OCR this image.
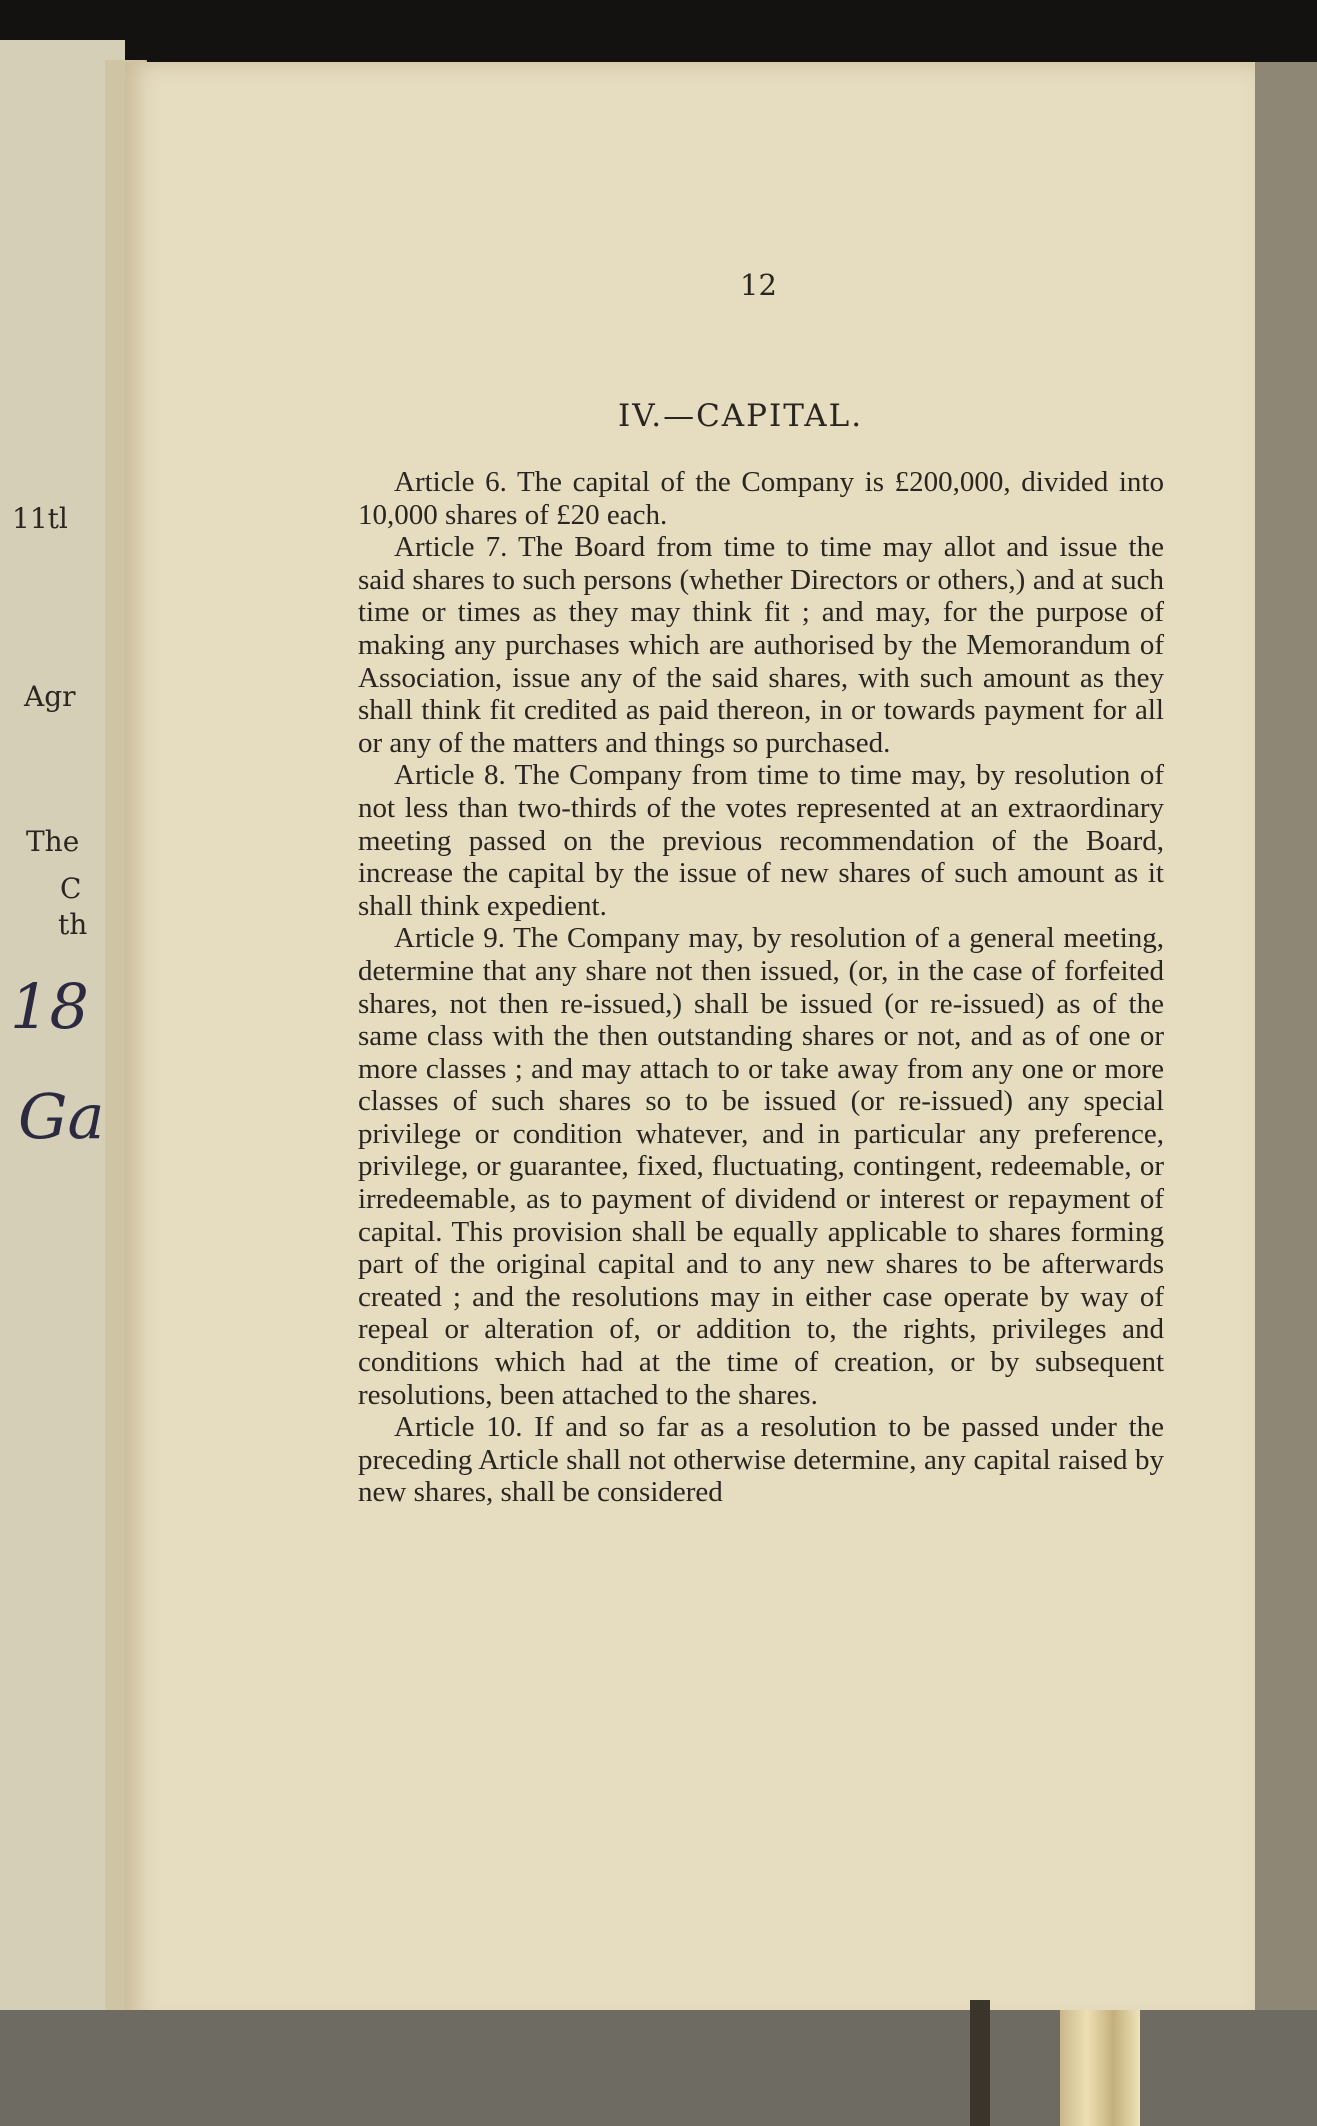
11tl
Agr
The
C
th
18
Ga
12
IV.—CAPITAL.

Article 6. The capital of the Company is £200,000, divided into 10,000 shares of £20 each.

Article 7. The Board from time to time may allot and issue the said shares to such persons (whether Directors or others,) and at such time or times as they may think fit ; and may, for the purpose of making any purchases which are authorised by the Memorandum of Association, issue any of the said shares, with such amount as they shall think fit credited as paid thereon, in or towards payment for all or any of the matters and things so purchased.

Article 8. The Company from time to time may, by resolution of not less than two-thirds of the votes represented at an extraordinary meeting passed on the previous recommendation of the Board, increase the capital by the issue of new shares of such amount as it shall think expedient.

Article 9. The Company may, by resolution of a general meeting, determine that any share not then issued, (or, in the case of forfeited shares, not then re-issued,) shall be issued (or re-issued) as of the same class with the then outstanding shares or not, and as of one or more classes ; and may attach to or take away from any one or more classes of such shares so to be issued (or re-issued) any special privilege or condition whatever, and in particular any preference, privilege, or guarantee, fixed, fluctuating, contingent, redeemable, or irredeemable, as to payment of dividend or interest or repayment of capital. This provision shall be equally applicable to shares forming part of the original capital and to any new shares to be afterwards created ; and the resolutions may in either case operate by way of repeal or alteration of, or addition to, the rights, privileges and conditions which had at the time of creation, or by subsequent resolutions, been attached to the shares.

Article 10. If and so far as a resolution to be passed under the preceding Article shall not otherwise determine, any capital raised by new shares, shall be considered
